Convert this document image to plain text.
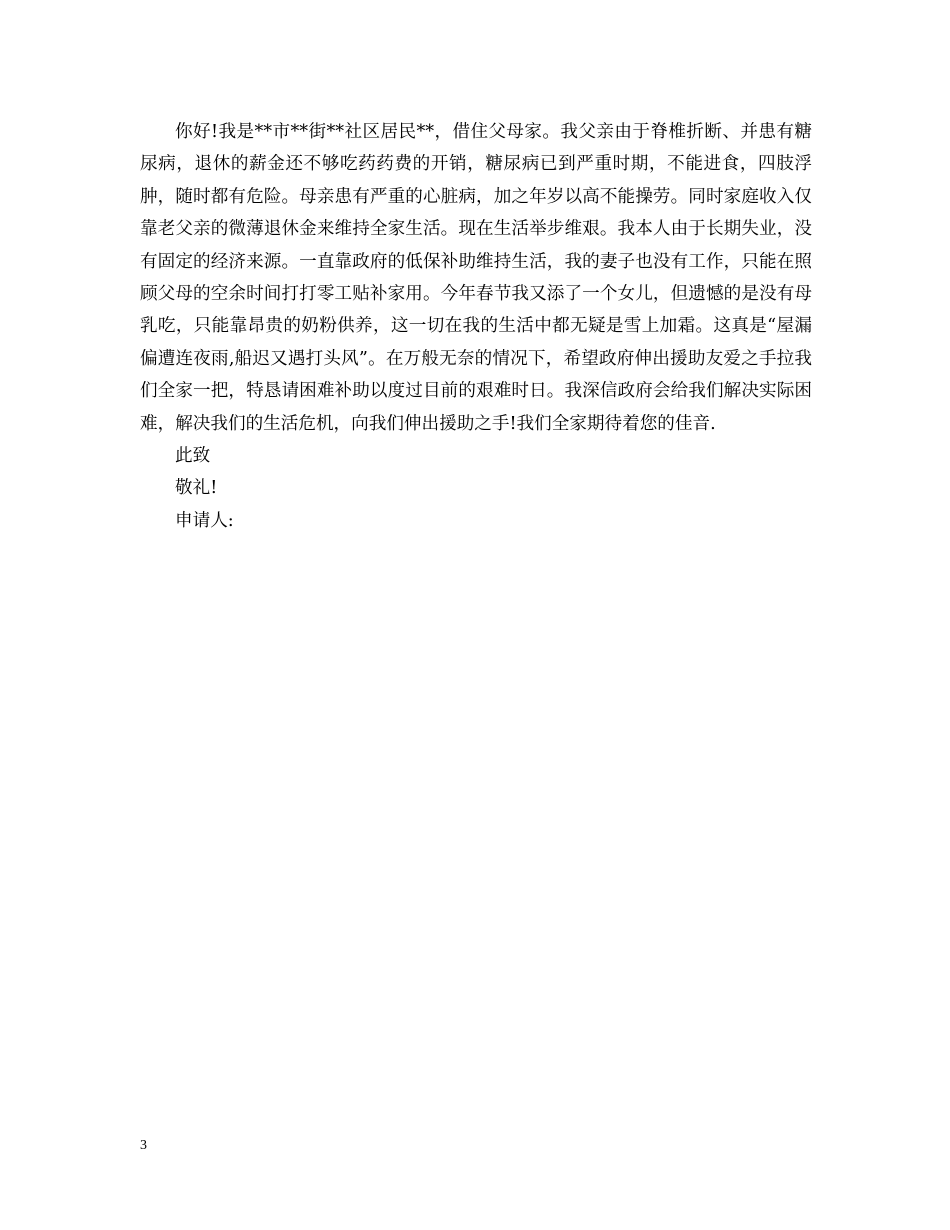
你好!我是**市**街**社区居民**，借住父母家。我父亲由于脊椎折断、并患有糖尿病，退休的薪金还不够吃药药费的开销，糖尿病已到严重时期，不能进食，四肢浮肿，随时都有危险。母亲患有严重的心脏病，加之年岁以高不能操劳。同时家庭收入仅靠老父亲的微薄退休金来维持全家生活。现在生活举步维艰。我本人由于长期失业，没有固定的经济来源。一直靠政府的低保补助维持生活，我的妻子也没有工作，只能在照顾父母的空余时间打打零工贴补家用。今年春节我又添了一个女儿，但遗憾的是没有母乳吃，只能靠昂贵的奶粉供养，这一切在我的生活中都无疑是雪上加霜。这真是“屋漏偏遭连夜雨,船迟又遇打头风”。在万般无奈的情况下，希望政府伸出援助友爱之手拉我们全家一把，特恳请困难补助以度过目前的艰难时日。我深信政府会给我们解决实际困难，解决我们的生活危机，向我们伸出援助之手!我们全家期待着您的佳音.

此致

敬礼!

申请人:

3
